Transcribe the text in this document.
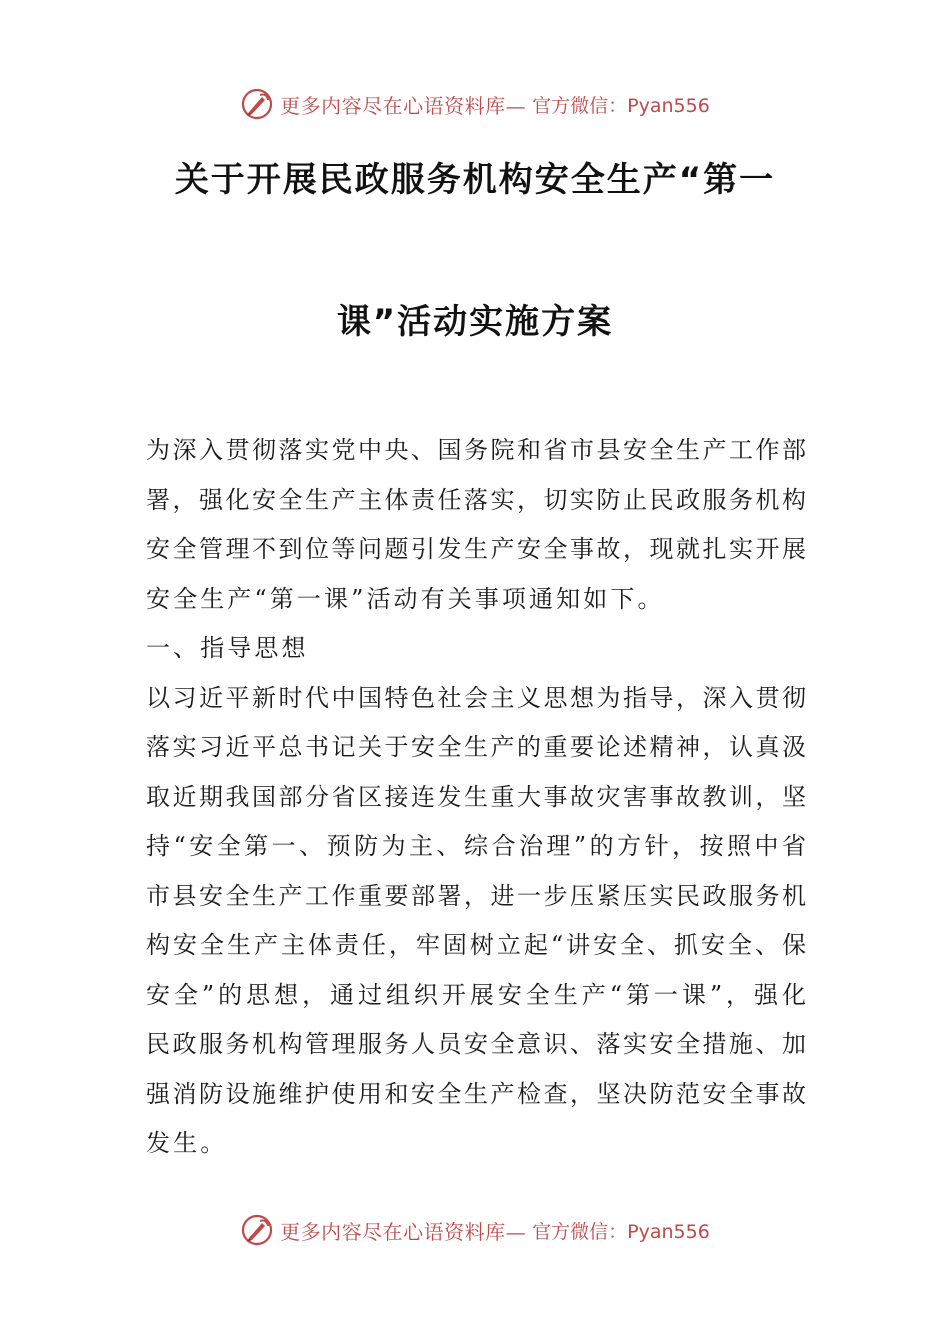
更多内容尽在心语资料库— 官方微信：Pyan556
关于开展民政服务机构安全生产“第一
课”活动实施方案

为深入贯彻落实党中央、国务院和省市县安全生产工作部

署，强化安全生产主体责任落实，切实防止民政服务机构

安全管理不到位等问题引发生产安全事故，现就扎实开展

安全生产“第一课”活动有关事项通知如下。

一、指导思想

以习近平新时代中国特色社会主义思想为指导，深入贯彻

落实习近平总书记关于安全生产的重要论述精神，认真汲

取近期我国部分省区接连发生重大事故灾害事故教训，坚

持“安全第一、预防为主、综合治理”的方针，按照中省

市县安全生产工作重要部署，进一步压紧压实民政服务机

构安全生产主体责任，牢固树立起“讲安全、抓安全、保

安全”的思想，通过组织开展安全生产“第一课”，强化

民政服务机构管理服务人员安全意识、落实安全措施、加

强消防设施维护使用和安全生产检查，坚决防范安全事故

发生。

更多内容尽在心语资料库— 官方微信：Pyan556
